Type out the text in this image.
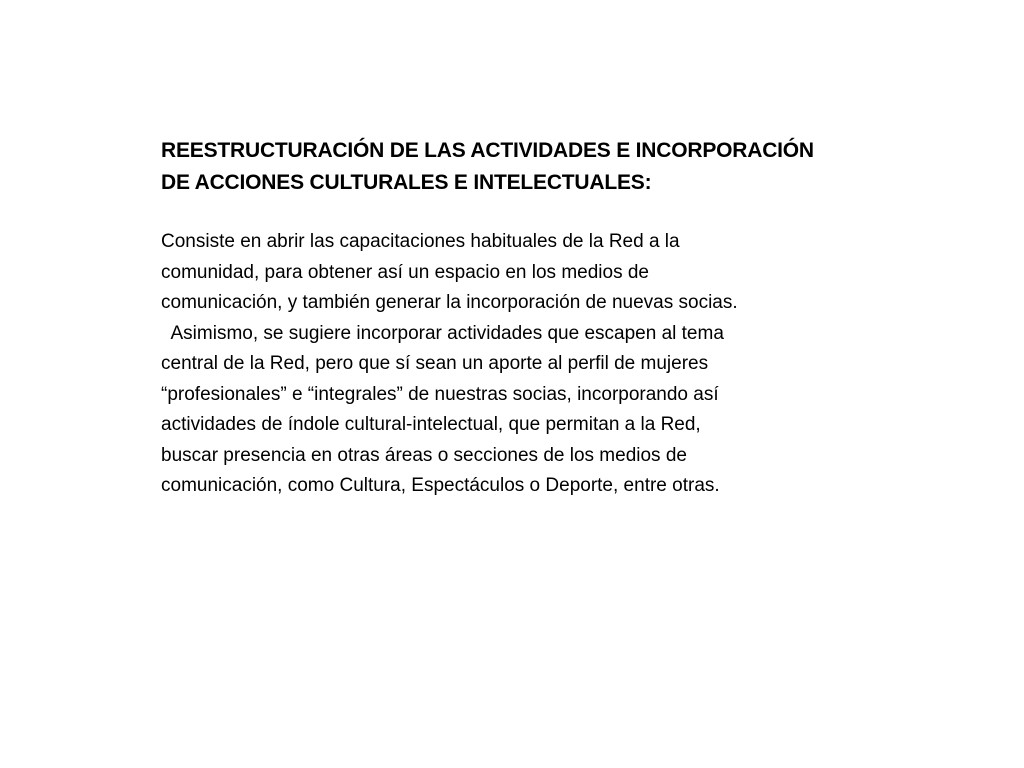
REESTRUCTURACIÓN DE LAS ACTIVIDADES E INCORPORACIÓN
DE ACCIONES CULTURALES E INTELECTUALES:
Consiste en abrir las capacitaciones habituales de la Red a la
comunidad, para obtener así un espacio en los medios de
comunicación, y también generar la incorporación de nuevas socias.
Asimismo, se sugiere incorporar actividades que escapen al tema
central de la Red, pero que sí sean un aporte al perfil de mujeres
“profesionales” e “integrales” de nuestras socias, incorporando así
actividades de índole cultural-intelectual, que permitan a la Red,
buscar presencia en otras áreas o secciones de los medios de
comunicación, como Cultura, Espectáculos o Deporte, entre otras.
